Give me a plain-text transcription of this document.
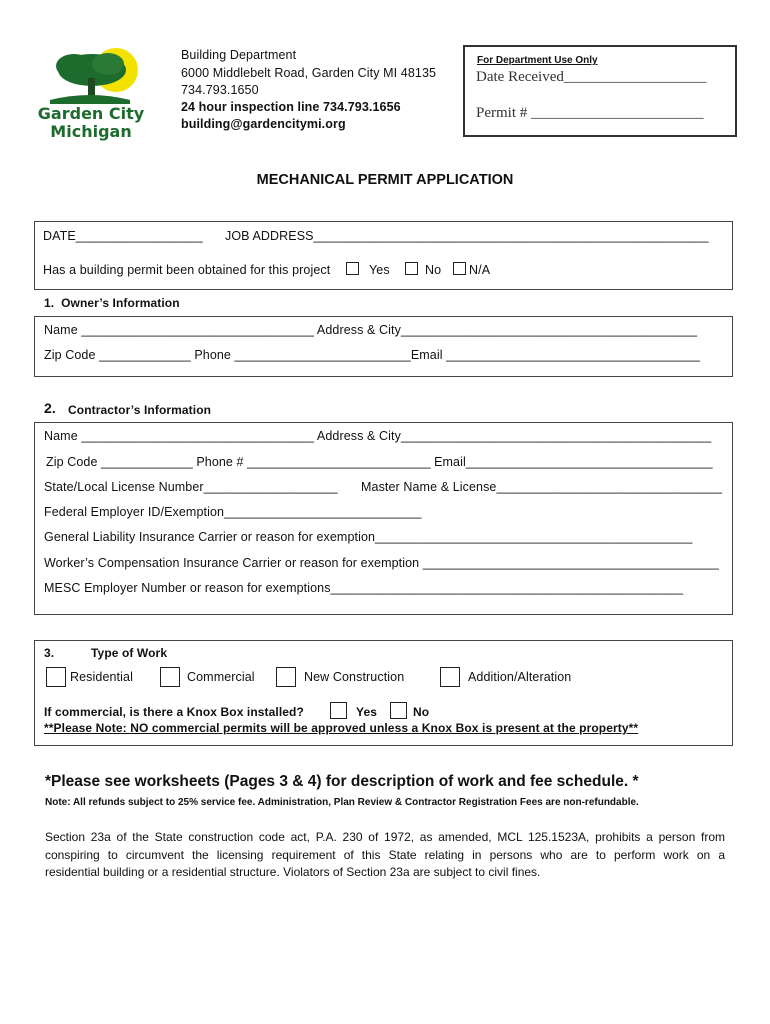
Garden City
Michigan
Building Department
6000 Middlebelt Road, Garden City MI 48135
734.793.1650
24 hour inspection line 734.793.1656
building@gardencitymi.org
For Department Use Only
Date Received___________________
Permit # _______________________
MECHANICAL PERMIT APPLICATION
DATE__________________ JOB ADDRESS________________________________________________________
Has a building permit been obtained for this project	Yes	No N/A
1.  Owner’s Information
Name _________________________________ Address & City__________________________________________
Zip Code _____________ Phone _________________________Email ____________________________________
2. Contractor’s Information
Name _________________________________ Address & City____________________________________________
Zip Code _____________ Phone # __________________________ Email___________________________________
State/Local License Number___________________ Master Name & License________________________________
Federal Employer ID/Exemption____________________________
General Liability Insurance Carrier or reason for exemption_____________________________________________
Worker’s Compensation Insurance Carrier or reason for exemption __________________________________________
MESC Employer Number or reason for exemptions__________________________________________________
3.	Type of Work
Residential	Commercial	New Construction	Addition/Alteration
If commercial, is there a Knox Box installed?	Yes	No
**Please Note: NO commercial permits will be approved unless a Knox Box is present at the property**
*Please see worksheets (Pages 3 & 4) for description of work and fee schedule. *
Note: All refunds subject to 25% service fee. Administration, Plan Review & Contractor Registration Fees are non-refundable.
Section 23a of the State construction code act, P.A. 230 of 1972, as amended, MCL 125.1523A, prohibits a person from
conspiring to circumvent the licensing requirement of this State relating in persons who are to perform work on a
residential building or a residential structure. Violators of Section 23a are subject to civil fines.
